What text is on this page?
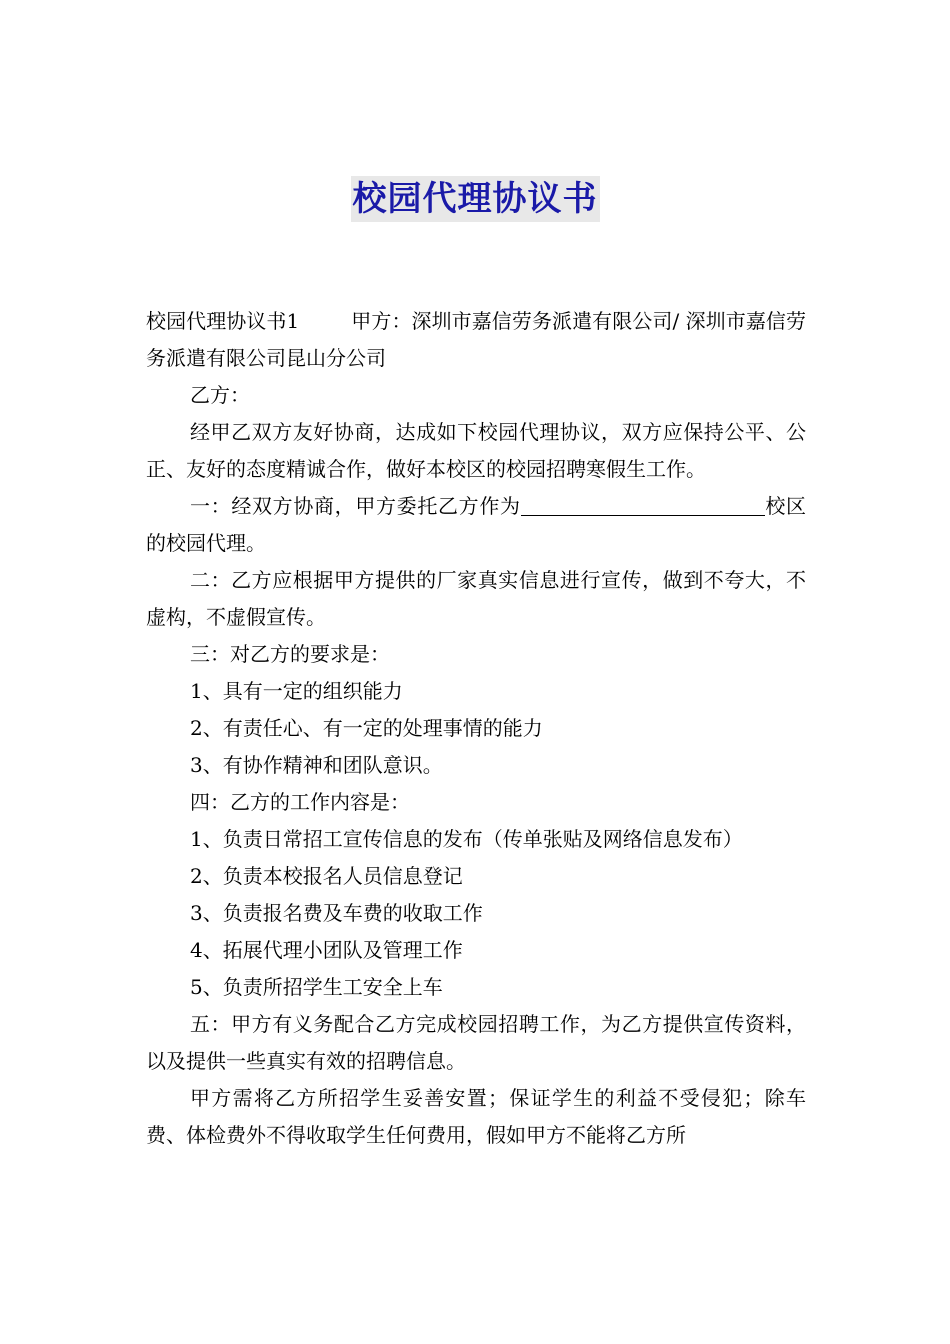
校园代理协议书

校园代理协议书1	甲方：深圳市嘉信劳务派遣有限公司/ 深圳市嘉信劳务派遣有限公司昆山分公司

乙方：

经甲乙双方友好协商，达成如下校园代理协议，双方应保持公平、公正、友好的态度精诚合作，做好本校区的校园招聘寒假生工作。

一：经双方协商，甲方委托乙方作为	校区的校园代理。

二：乙方应根据甲方提供的厂家真实信息进行宣传，做到不夸大，不虚构，不虚假宣传。

三：对乙方的要求是：

1、具有一定的组织能力

2、有责任心、有一定的处理事情的能力

3、有协作精神和团队意识。

四：乙方的工作内容是：

1、负责日常招工宣传信息的发布（传单张贴及网络信息发布）

2、负责本校报名人员信息登记

3、负责报名费及车费的收取工作

4、拓展代理小团队及管理工作

5、负责所招学生工安全上车

五：甲方有义务配合乙方完成校园招聘工作，为乙方提供宣传资料，以及提供一些真实有效的招聘信息。

甲方需将乙方所招学生妥善安置；保证学生的利益不受侵犯；除车费、体检费外不得收取学生任何费用，假如甲方不能将乙方所
